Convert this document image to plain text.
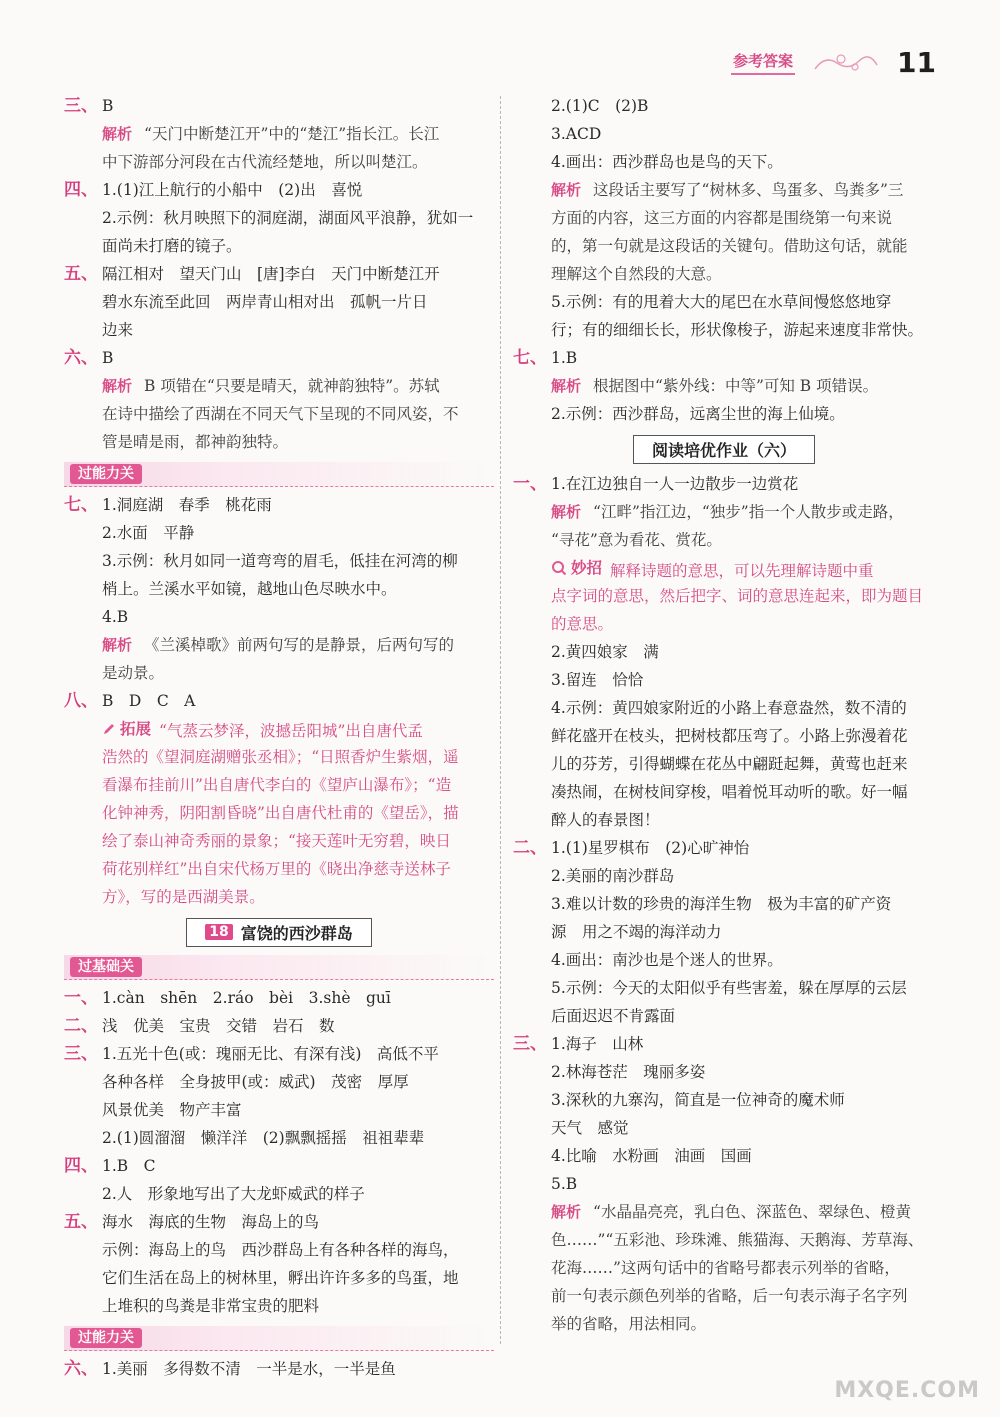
参考答案	11
三、 B
解析 “天门中断楚江开”中的“楚江”指长江。长江
中下游部分河段在古代流经楚地，所以叫楚江。
四、 1.(1)江上航行的小船中　(2)出　喜悦
2.示例：秋月映照下的洞庭湖，湖面风平浪静，犹如一
面尚未打磨的镜子。
五、 隔江相对　望天门山　[唐]李白　天门中断楚江开
碧水东流至此回　两岸青山相对出　孤帆一片日
边来
六、 B
解析 B 项错在“只要是晴天，就神韵独特”。苏轼
在诗中描绘了西湖在不同天气下呈现的不同风姿，不
管是晴是雨，都神韵独特。
过能力关
七、 1.洞庭湖　春季　桃花雨
2.水面　平静
3.示例：秋月如同一道弯弯的眉毛，低挂在河湾的柳
梢上。兰溪水平如镜，越地山色尽映水中。
4.B
解析 《兰溪棹歌》前两句写的是静景，后两句写的
是动景。
八、 B　D　C　A
拓展 “气蒸云梦泽，波撼岳阳城”出自唐代孟
浩然的《望洞庭湖赠张丞相》；“日照香炉生紫烟，遥
看瀑布挂前川”出自唐代李白的《望庐山瀑布》；“造
化钟神秀，阴阳割昏晓”出自唐代杜甫的《望岳》，描
绘了泰山神奇秀丽的景象；“接天莲叶无穷碧，映日
荷花别样红”出自宋代杨万里的《晓出净慈寺送林子
方》，写的是西湖美景。
18 富饶的西沙群岛
过基础关
一、 1.càn　shēn　2.ráo　bèi　3.shè　guī
二、 浅　优美　宝贵　交错　岩石　数
三、 1.五光十色(或：瑰丽无比、有深有浅)　高低不平
各种各样　全身披甲(或：威武)　茂密　厚厚
风景优美　物产丰富
2.(1)圆溜溜　懒洋洋　(2)飘飘摇摇　祖祖辈辈
四、 1.B　C
2.人　形象地写出了大龙虾威武的样子
五、 海水　海底的生物　海岛上的鸟
示例：海岛上的鸟　西沙群岛上有各种各样的海鸟，
它们生活在岛上的树林里，孵出许许多多的鸟蛋，地
上堆积的鸟粪是非常宝贵的肥料
过能力关
六、 1.美丽　多得数不清　一半是水，一半是鱼
2.(1)C　(2)B
3.ACD
4.画出：西沙群岛也是鸟的天下。
解析 这段话主要写了“树林多、鸟蛋多、鸟粪多”三
方面的内容，这三方面的内容都是围绕第一句来说
的，第一句就是这段话的关键句。借助这句话，就能
理解这个自然段的大意。
5.示例：有的甩着大大的尾巴在水草间慢悠悠地穿
行；有的细细长长，形状像梭子，游起来速度非常快。
七、 1.B
解析 根据图中“紫外线：中等”可知 B 项错误。
2.示例：西沙群岛，远离尘世的海上仙境。
阅读培优作业（六）
一、 1.在江边独自一人一边散步一边赏花
解析 “江畔”指江边，“独步”指一个人散步或走路，
“寻花”意为看花、赏花。
妙招 解释诗题的意思，可以先理解诗题中重
点字词的意思，然后把字、词的意思连起来，即为题目
的意思。
2.黄四娘家　满
3.留连　恰恰
4.示例：黄四娘家附近的小路上春意盎然，数不清的
鲜花盛开在枝头，把树枝都压弯了。小路上弥漫着花
儿的芬芳，引得蝴蝶在花丛中翩跹起舞，黄莺也赶来
凑热闹，在树枝间穿梭，唱着悦耳动听的歌。好一幅
醉人的春景图！
二、 1.(1)星罗棋布　(2)心旷神怡
2.美丽的南沙群岛
3.难以计数的珍贵的海洋生物　极为丰富的矿产资
源　用之不竭的海洋动力
4.画出：南沙也是个迷人的世界。
5.示例：今天的太阳似乎有些害羞，躲在厚厚的云层
后面迟迟不肯露面
三、 1.海子　山林
2.林海苍茫　瑰丽多姿
3.深秋的九寨沟，简直是一位神奇的魔术师
天气　感觉
4.比喻　水粉画　油画　国画
5.B
解析 “水晶晶亮亮，乳白色、深蓝色、翠绿色、橙黄
色……”“五彩池、珍珠滩、熊猫海、天鹅海、芳草海、
花海……”这两句话中的省略号都表示列举的省略，
前一句表示颜色列举的省略，后一句表示海子名字列
举的省略，用法相同。
MXQE.COM
